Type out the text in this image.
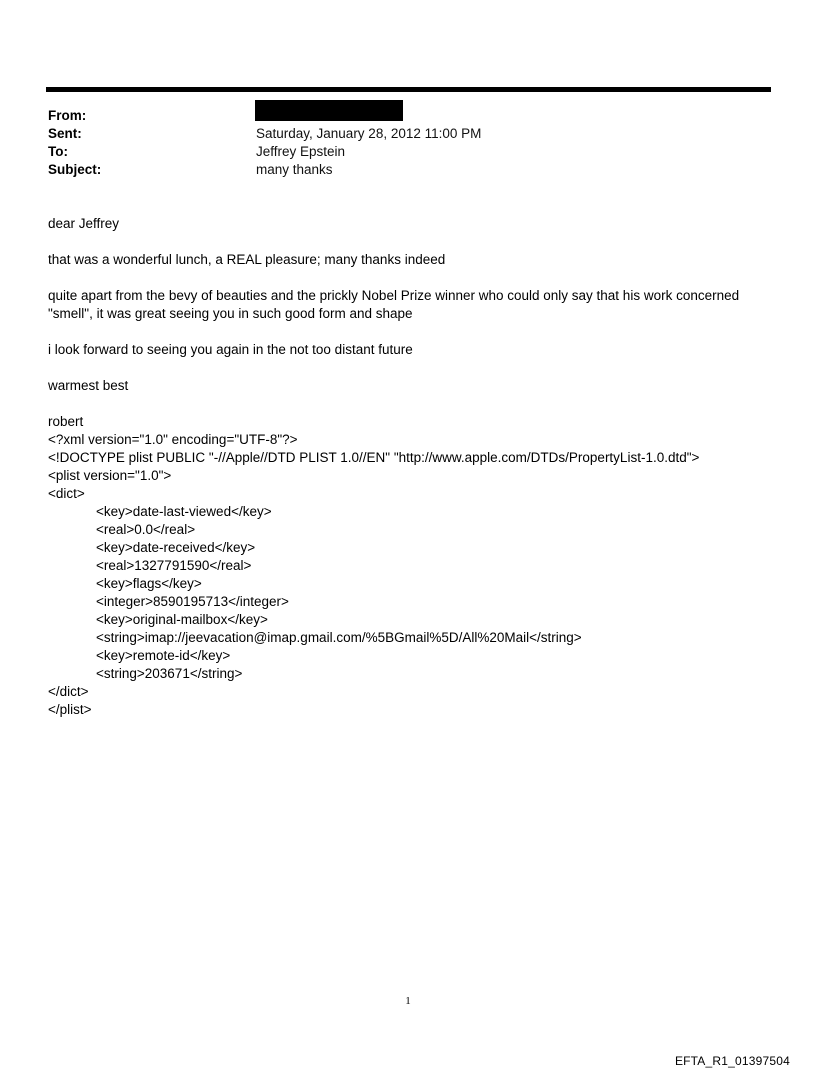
From:
Sent:	Saturday, January 28, 2012 11:00 PM
To:	Jeffrey Epstein
Subject:	many thanks

dear Jeffrey

that was a wonderful lunch, a REAL pleasure; many thanks indeed

quite apart from the bevy of beauties and the prickly Nobel Prize winner who could only say that his work concerned "smell", it was great seeing you in such good form and shape

i look forward to seeing you again in the not too distant future

warmest best

robert

<?xml version="1.0" encoding="UTF-8"?>

<!DOCTYPE plist PUBLIC "-//Apple//DTD PLIST 1.0//EN" "http://www.apple.com/DTDs/PropertyList-1.0.dtd">

<plist version="1.0">

<dict>

<key>date-last-viewed</key>

<real>0.0</real>

<key>date-received</key>

<real>1327791590</real>

<key>flags</key>

<integer>8590195713</integer>

<key>original-mailbox</key>

<string>imap://jeevacation@imap.gmail.com/%5BGmail%5D/All%20Mail</string>

<key>remote-id</key>

<string>203671</string>

</dict>

</plist>

1
EFTA_R1_01397504
